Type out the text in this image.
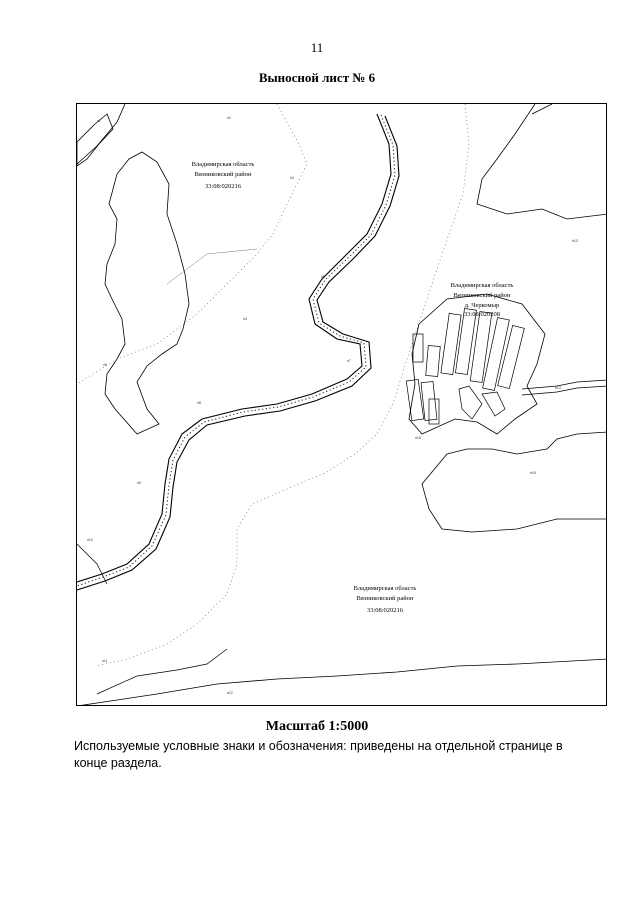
11
Выносной лист № 6
н1
н2
н3
н4
н5
н6
н7
н8
н9
н10
н11
н12
н13
н14
н15
н16
Владимирская область
Вязниковский район
33:08:020216
Владимирская область
Вязниковский район
д. Черкомыр
33:08:020208
Владимирская область
Вязниковский район
33:08:020216
Масштаб 1:5000
Используемые условные знаки и обозначения: приведены на отдельной странице в конце раздела.
